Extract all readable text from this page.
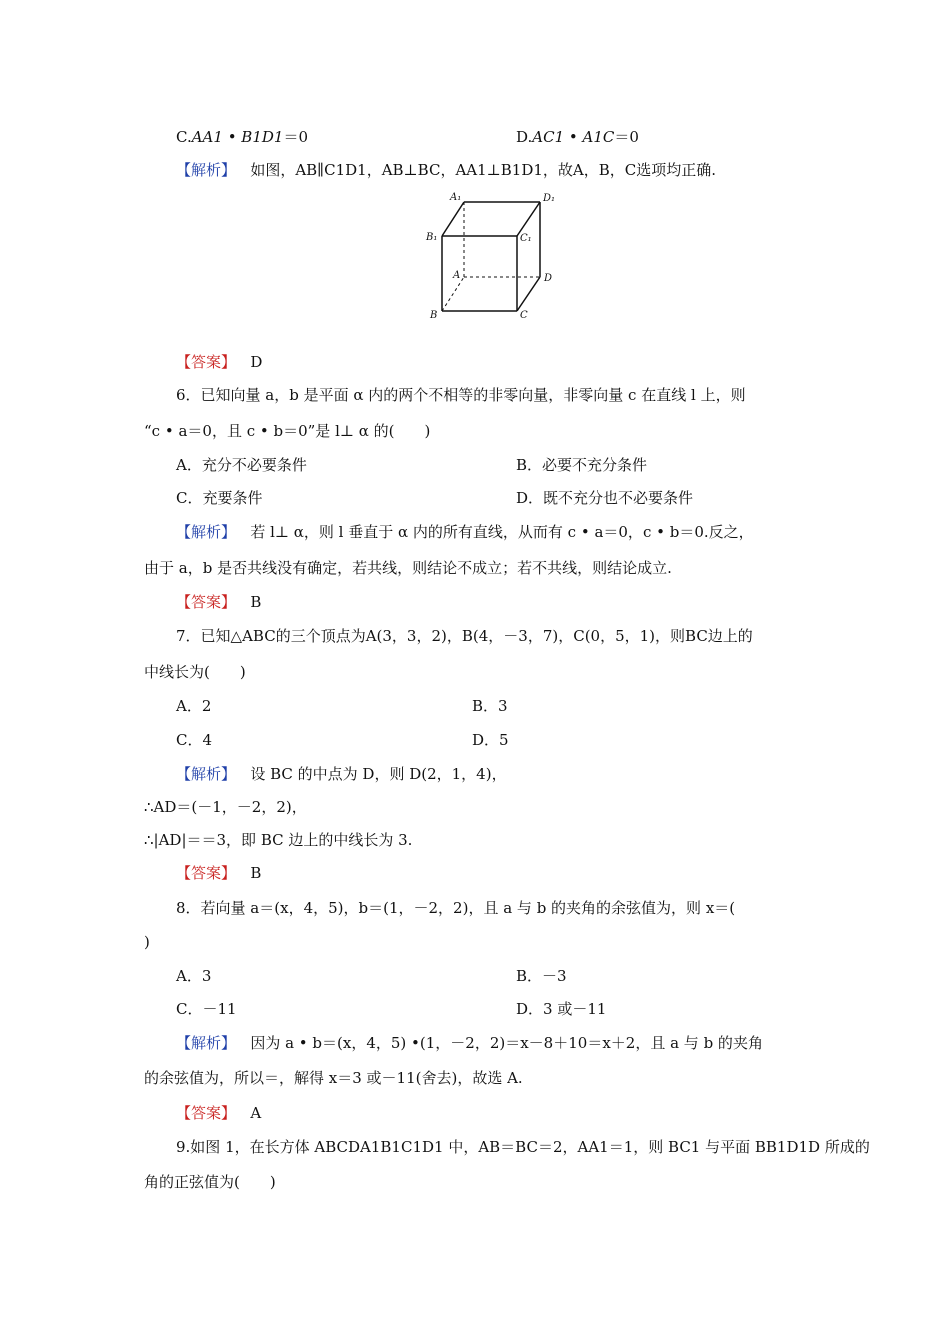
C.AA1 • B1D1＝0	D.AC1 • A1C＝0
【解析】 如图，AB∥C1D1，AB⊥BC，AA1⊥B1D1，故A，B，C选项均正确.
A₁	D₁
B₁	C₁
A	D
B	C
【答案】 D
6．已知向量 a，b 是平面 α 内的两个不相等的非零向量，非零向量 c 在直线 l 上，则
“c • a＝0，且 c • b＝0”是 l⊥ α 的(　　)
A．充分不必要条件	B．必要不充分条件
C．充要条件	D．既不充分也不必要条件
【解析】 若 l⊥ α，则 l 垂直于 α 内的所有直线，从而有 c • a＝0，c • b＝0.反之，
由于 a，b 是否共线没有确定，若共线，则结论不成立；若不共线，则结论成立.
【答案】 B
7．已知△ABC的三个顶点为A(3，3，2)，B(4，－3，7)，C(0，5，1)，则BC边上的
中线长为(　　)
A．2	B．3
C．4	D．5
【解析】 设 BC 的中点为 D，则 D(2，1，4)，
∴AD＝(－1，－2，2)，
∴|AD|＝＝3，即 BC 边上的中线长为 3.
【答案】 B
8．若向量 a＝(x，4，5)，b＝(1，－2，2)，且 a 与 b 的夹角的余弦值为，则 x＝(
)
A．3	B．－3
C．－11	D．3 或－11
【解析】 因为 a • b＝(x，4，5) •(1，－2，2)＝x－8＋10＝x＋2，且 a 与 b 的夹角
的余弦值为，所以＝，解得 x＝3 或－11(舍去)，故选 A.
【答案】 A
9.如图 1，在长方体 ABCDA1B1C1D1 中，AB＝BC＝2，AA1＝1，则 BC1 与平面 BB1D1D 所成的
角的正弦值为(　　)
